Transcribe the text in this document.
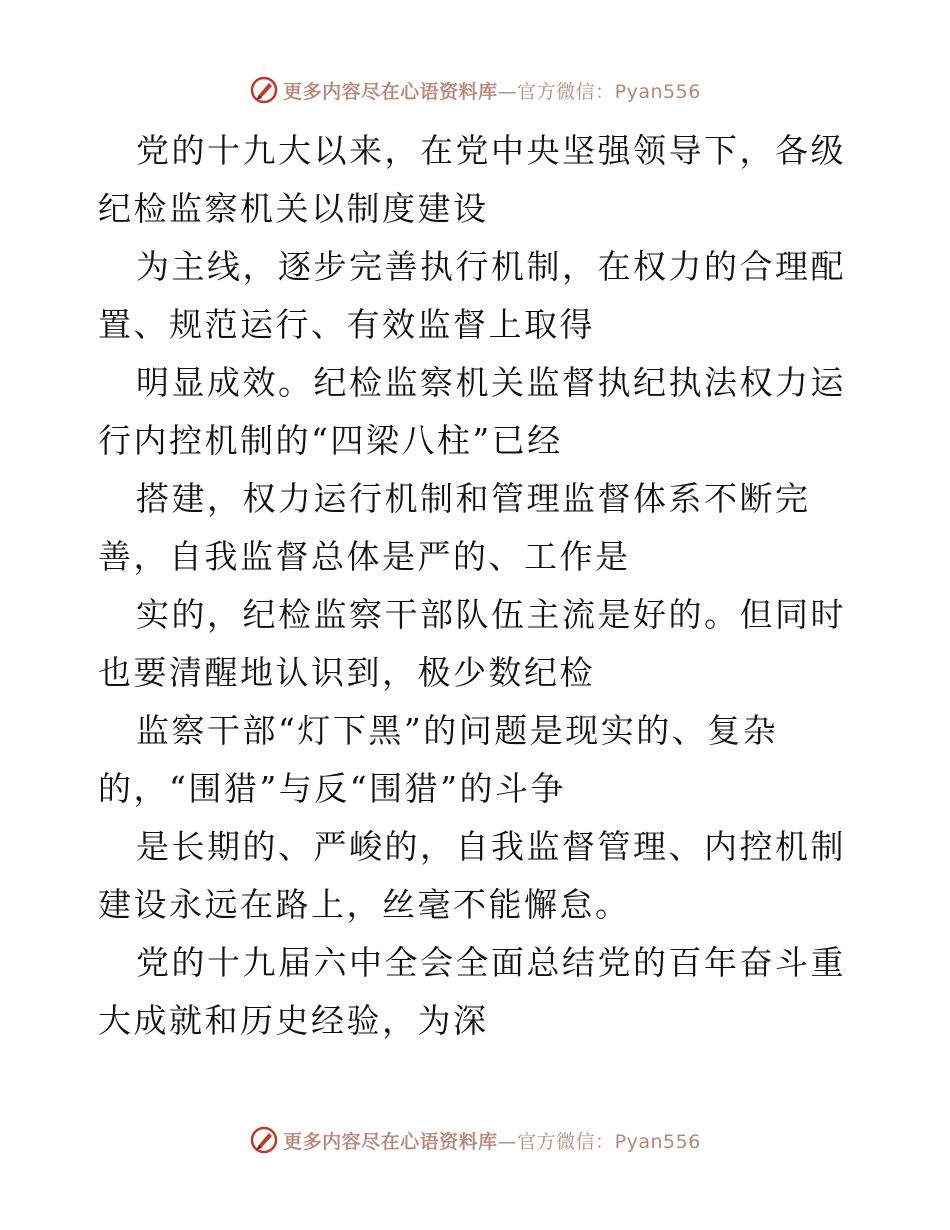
更多内容尽在心语资料库—官方微信：Pyan556

党的十九大以来，在党中央坚强领导下，各级纪检监察机关以制度建设

为主线，逐步完善执行机制，在权力的合理配置、规范运行、有效监督上取得

明显成效。纪检监察机关监督执纪执法权力运行内控机制的“四梁八柱”已经

搭建，权力运行机制和管理监督体系不断完善，自我监督总体是严的、工作是

实的，纪检监察干部队伍主流是好的。但同时也要清醒地认识到，极少数纪检

监察干部“灯下黑”的问题是现实的、复杂的，“围猎”与反“围猎”的斗争

是长期的、严峻的，自我监督管理、内控机制建设永远在路上，丝毫不能懈怠。

党的十九届六中全会全面总结党的百年奋斗重大成就和历史经验，为深

更多内容尽在心语资料库—官方微信：Pyan556
